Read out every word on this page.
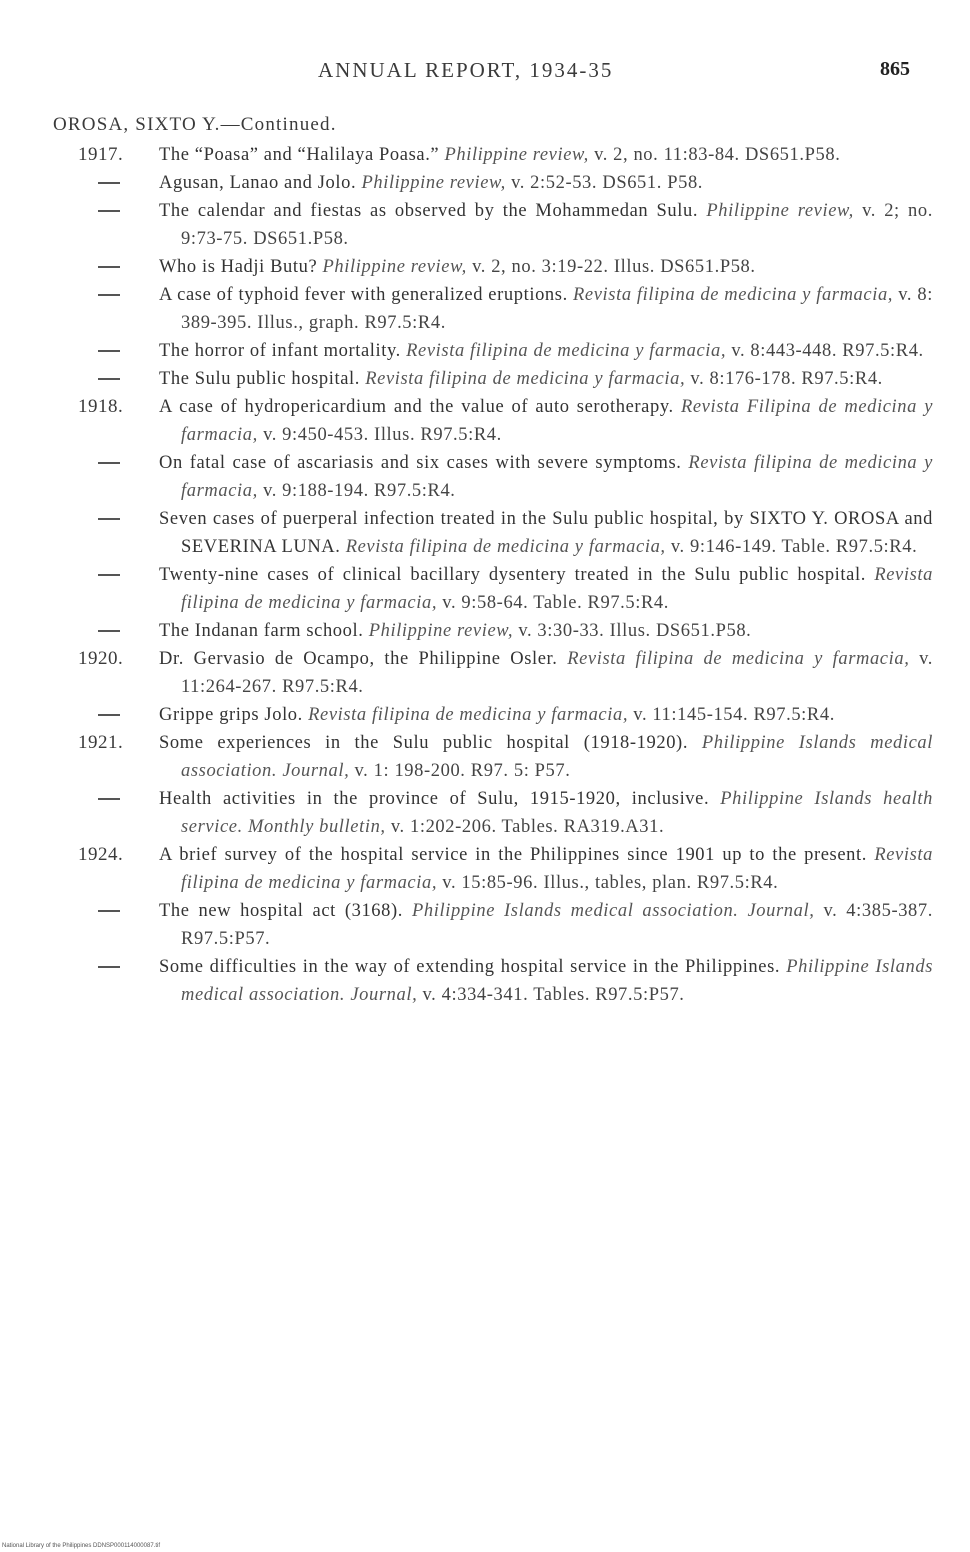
ANNUAL REPORT, 1934-35	865
OROSA, SIXTO Y.—Continued.
1917. The “Poasa” and “Halilaya Poasa.” Philippine review, v. 2, no. 11:83-84. DS651.P58.
Agusan, Lanao and Jolo. Philippine review, v. 2:52-53. DS651. P58.
The calendar and fiestas as observed by the Mohammedan Sulu. Philippine review, v. 2; no. 9:73-75. DS651.P58.
Who is Hadji Butu? Philippine review, v. 2, no. 3:19-22. Illus. DS651.P58.
A case of typhoid fever with generalized eruptions. Revista filipina de medicina y farmacia, v. 8: 389-395. Illus., graph. R97.5:R4.
The horror of infant mortality. Revista filipina de medicina y farmacia, v. 8:443-448. R97.5:R4.
The Sulu public hospital. Revista filipina de medicina y farmacia, v. 8:176-178. R97.5:R4.
1918. A case of hydropericardium and the value of auto serotherapy. Revista Filipina de medicina y farmacia, v. 9:450-453. Illus. R97.5:R4.
On fatal case of ascariasis and six cases with severe symptoms. Revista filipina de medicina y farmacia, v. 9:188-194. R97.5:R4.
Seven cases of puerperal infection treated in the Sulu public hospital, by SIXTO Y. OROSA and SEVERINA LUNA. Revista filipina de medicina y farmacia, v. 9:146-149. Table. R97.5:R4.
Twenty-nine cases of clinical bacillary dysentery treated in the Sulu public hospital. Revista filipina de medicina y farmacia, v. 9:58-64. Table. R97.5:R4.
The Indanan farm school. Philippine review, v. 3:30-33. Illus. DS651.P58.
1920. Dr. Gervasio de Ocampo, the Philippine Osler. Revista filipina de medicina y farmacia, v. 11:264-267. R97.5:R4.
Grippe grips Jolo. Revista filipina de medicina y farmacia, v. 11:145-154. R97.5:R4.
1921. Some experiences in the Sulu public hospital (1918-1920). Philippine Islands medical association. Journal, v. 1: 198-200. R97. 5: P57.
Health activities in the province of Sulu, 1915-1920, inclusive. Philippine Islands health service. Monthly bulletin, v. 1:202-206. Tables. RA319.A31.
1924. A brief survey of the hospital service in the Philippines since 1901 up to the present. Revista filipina de medicina y farmacia, v. 15:85-96. Illus., tables, plan. R97.5:R4.
The new hospital act (3168). Philippine Islands medical association. Journal, v. 4:385-387. R97.5:P57.
Some difficulties in the way of extending hospital service in the Philippines. Philippine Islands medical association. Journal, v. 4:334-341. Tables. R97.5:P57.
National Library of the Philippines DDNSP000114000087.tif
